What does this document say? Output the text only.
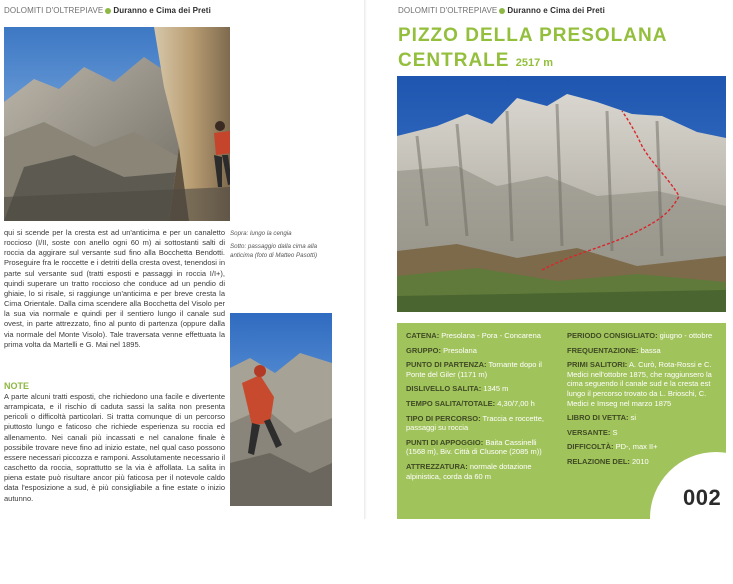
DOLOMITI D'OLTREPIAVE Duranno e Cima dei Preti

Sopra: lungo la cengia

Sotto: passaggio dalla cima alla anticima (foto di Matteo Pasotti)

qui si scende per la cresta est ad un'anticima e per un canaletto roccioso (I/II, soste con anello ogni 60 m) ai sottostanti salti di roccia da aggirare sul versante sud fino alla Bocchetta Bendotti. Proseguire fra le roccette e i detriti della cresta ovest, tenendosi in parte sul versante sud (tratti esposti e passaggi in roccia I/I+), quindi superare un tratto roccioso che conduce ad un pendio di ghiaie, lo si risale, si raggiunge un'anticima e per breve cresta la Cima Orientale. Dalla cima scendere alla Bocchetta del Visolo per la sua via normale e quindi per il sentiero lungo il canale sud ovest, in parte attrezzato, fino al punto di partenza (oppure dalla via normale del Monte Visolo). Tale traversata venne effettuata la prima volta da Martelli e G. Mai nel 1895.
NOTE
A parte alcuni tratti esposti, che richiedono una facile e divertente arrampicata, e il rischio di caduta sassi la salita non presenta pericoli o difficoltà particolari. Si tratta comunque di un percorso piuttosto lungo e faticoso che richiede esperienza su roccia ed allenamento. Nei canali più incassati e nel canalone finale è possibile trovare neve fino ad inizio estate, nel qual caso possono essere necessari piccozza e ramponi. Assolutamente necessario il caschetto da roccia, soprattutto se la via è affollata. La salita in piena estate può risultare ancor più faticosa per il notevole caldo data l'esposizione a sud, è più consigliabile a fine estate o inizio autunno.
DOLOMITI D'OLTREPIAVE Duranno e Cima dei Preti
PIZZO DELLA PRESOLANA
CENTRALE 2517 m
CATENA: Presolana - Pora - Concarena
GRUPPO: Presolana
PUNTO DI PARTENZA: Tornante dopo il Ponte del Giler (1171 m)
DISLIVELLO SALITA: 1345 m
TEMPO SALITA/TOTALE: 4,30/7,00 h
TIPO DI PERCORSO: Traccia e roccette, passaggi su roccia
PUNTI DI APPOGGIO: Baita Cassinelli (1568 m), Biv. Città di Clusone (2085 m))
ATTREZZATURA: normale dotazione alpinistica, corda da 60 m
PERIODO CONSIGLIATO: giugno - ottobre
FREQUENTAZIONE: bassa
PRIMI SALITORI: A. Curò, Rota-Rossi e C. Medici nell'ottobre 1875, che raggiunsero la cima seguendo il canale sud e la cresta est lungo il percorso trovato da L. Brioschi, C. Medici e Imseg nel marzo 1875
LIBRO DI VETTA: si
VERSANTE: S
DIFFICOLTÀ: PD-, max II+
RELAZIONE DEL: 2010
002
